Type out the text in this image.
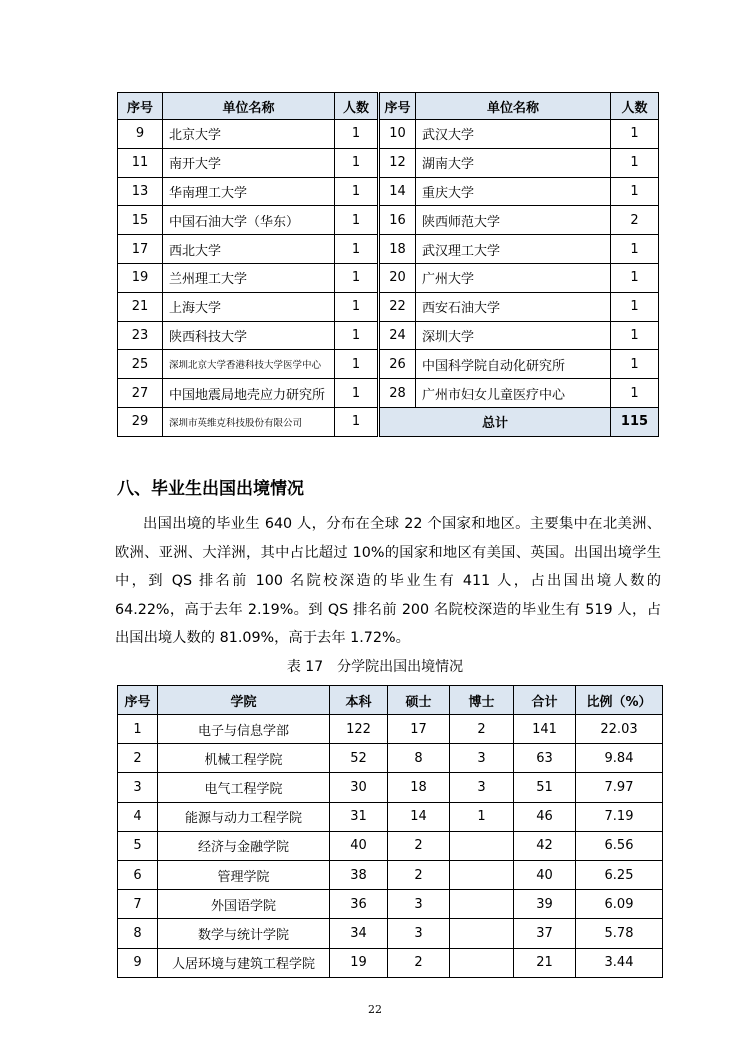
序号	单位名称	人数	序号	单位名称	人数
9	北京大学	1	10	武汉大学	1
11	南开大学	1	12	湖南大学	1
13	华南理工大学	1	14	重庆大学	1
15	中国石油大学（华东）	1	16	陕西师范大学	2
17	西北大学	1	18	武汉理工大学	1
19	兰州理工大学	1	20	广州大学	1
21	上海大学	1	22	西安石油大学	1
23	陕西科技大学	1	24	深圳大学	1
25	深圳北京大学香港科技大学医学中心	1	26	中国科学院自动化研究所	1
27	中国地震局地壳应力研究所	1	28	广州市妇女儿童医疗中心	1
29	深圳市英维克科技股份有限公司	1	总计		115
八、毕业生出国出境情况

出国出境的毕业生 640 人，分布在全球 22 个国家和地区。主要集中在北美洲、欧洲、亚洲、大洋洲，其中占比超过 10%的国家和地区有美国、英国。出国出境学生中，到 QS 排名前 100 名院校深造的毕业生有 411 人，占出国出境人数的 64.22%，高于去年 2.19%。到 QS 排名前 200 名院校深造的毕业生有 519 人，占出国出境人数的 81.09%，高于去年 1.72%。

表 17　分学院出国出境情况

序号	学院	本科	硕士	博士	合计	比例（%）
1	电子与信息学部	122	17	2	141	22.03
2	机械工程学院	52	8	3	63	9.84
3	电气工程学院	30	18	3	51	7.97
4	能源与动力工程学院	31	14	1	46	7.19
5	经济与金融学院	40	2		42	6.56
6	管理学院	38	2		40	6.25
7	外国语学院	36	3		39	6.09
8	数学与统计学院	34	3		37	5.78
9	人居环境与建筑工程学院	19	2		21	3.44
22
